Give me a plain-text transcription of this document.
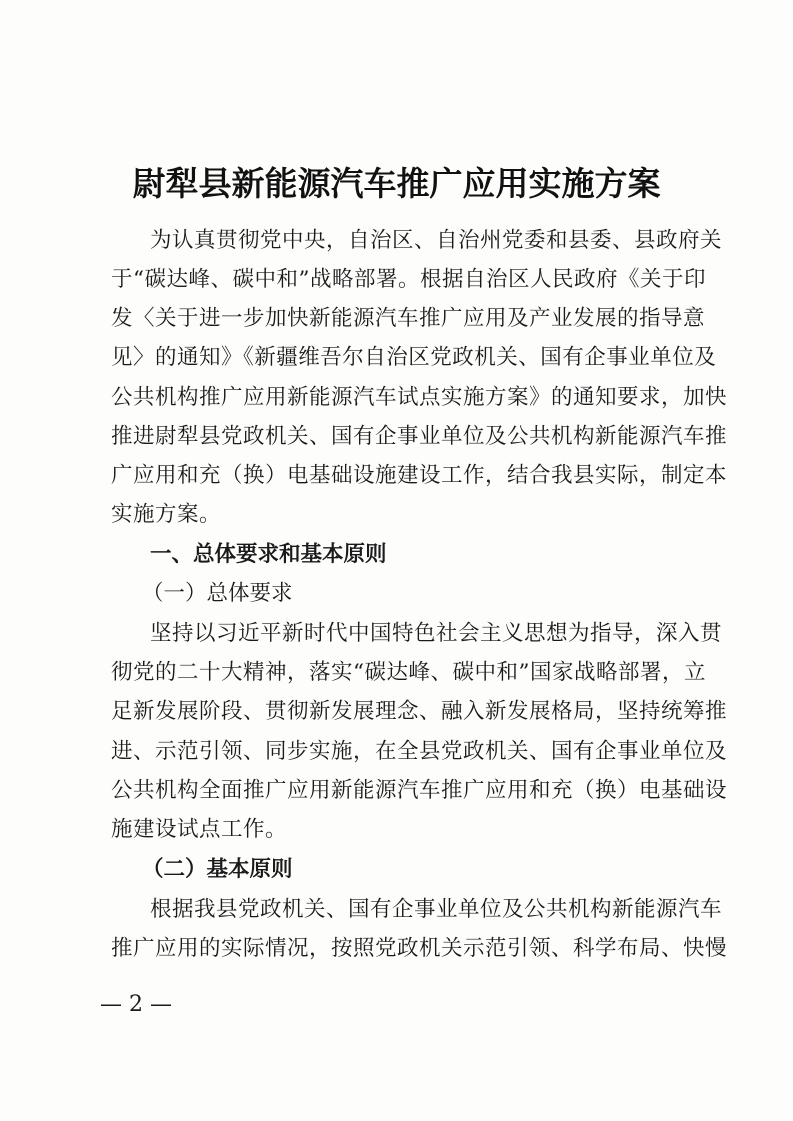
尉犁县新能源汽车推广应用实施方案
为认真贯彻党中央，自治区、自治州党委和县委、县政府关
于“碳达峰、碳中和”战略部署。根据自治区人民政府《关于印
发〈关于进一步加快新能源汽车推广应用及产业发展的指导意
见〉的通知》《新疆维吾尔自治区党政机关、国有企事业单位及
公共机构推广应用新能源汽车试点实施方案》的通知要求，加快
推进尉犁县党政机关、国有企事业单位及公共机构新能源汽车推
广应用和充（换）电基础设施建设工作，结合我县实际，制定本
实施方案。
一、总体要求和基本原则
（一）总体要求
坚持以习近平新时代中国特色社会主义思想为指导，深入贯
彻党的二十大精神，落实“碳达峰、碳中和”国家战略部署，立
足新发展阶段、贯彻新发展理念、融入新发展格局，坚持统筹推
进、示范引领、同步实施，在全县党政机关、国有企事业单位及
公共机构全面推广应用新能源汽车推广应用和充（换）电基础设
施建设试点工作。
（二）基本原则
根据我县党政机关、国有企事业单位及公共机构新能源汽车
推广应用的实际情况，按照党政机关示范引领、科学布局、快慢
— 2 —
